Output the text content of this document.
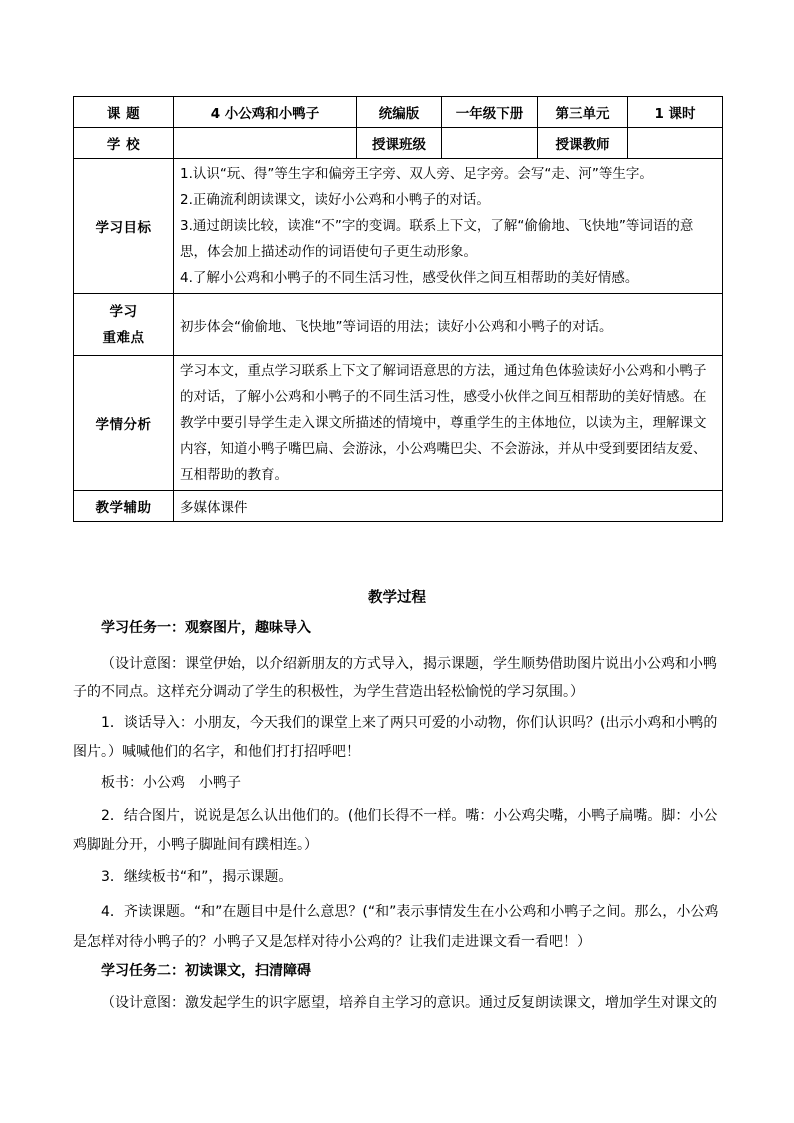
课 题	4 小公鸡和小鸭子	统编版	一年级下册	第三单元	1 课时
学 校		授课班级		授课教师	
学习目标	1.认识“玩、得”等生字和偏旁王字旁、双人旁、足字旁。会写“走、河”等生字。

2.正确流利朗读课文，读好小公鸡和小鸭子的对话。

3.通过朗读比较，读准“不”字的变调。联系上下文，了解“偷偷地、飞快地”等词语的意思，体会加上描述动作的词语使句子更生动形象。

4.了解小公鸡和小鸭子的不同生活习性，感受伙伴之间互相帮助的美好情感。				

学习
重难点	初步体会“偷偷地、飞快地”等词语的用法；读好小公鸡和小鸭子的对话。				
学情分析	学习本文，重点学习联系上下文了解词语意思的方法，通过角色体验读好小公鸡和小鸭子的对话，了解小公鸡和小鸭子的不同生活习性，感受小伙伴之间互相帮助的美好情感。在教学中要引导学生走入课文所描述的情境中，尊重学生的主体地位，以读为主，理解课文内容，知道小鸭子嘴巴扁、会游泳，小公鸡嘴巴尖、不会游泳，并从中受到要团结友爱、互相帮助的教育。				
教学辅助	多媒体课件				
教学过程

学习任务一：观察图片，趣味导入

（设计意图：课堂伊始，以介绍新朋友的方式导入，揭示课题，学生顺势借助图片说出小公鸡和小鸭子的不同点。这样充分调动了学生的积极性，为学生营造出轻松愉悦的学习氛围。）

1．谈话导入：小朋友，今天我们的课堂上来了两只可爱的小动物，你们认识吗？(出示小鸡和小鸭的图片。）喊喊他们的名字，和他们打打招呼吧！

板书：小公鸡　小鸭子

2．结合图片，说说是怎么认出他们的。(他们长得不一样。嘴：小公鸡尖嘴，小鸭子扁嘴。脚：小公鸡脚趾分开，小鸭子脚趾间有蹼相连。）

3．继续板书“和”，揭示课题。

4．齐读课题。“和”在题目中是什么意思？(“和”表示事情发生在小公鸡和小鸭子之间。那么，小公鸡是怎样对待小鸭子的？小鸭子又是怎样对待小公鸡的？让我们走进课文看一看吧！）

学习任务二：初读课文，扫清障碍

（设计意图：激发起学生的识字愿望，培养自主学习的意识。通过反复朗读课文，增加学生对课文的
